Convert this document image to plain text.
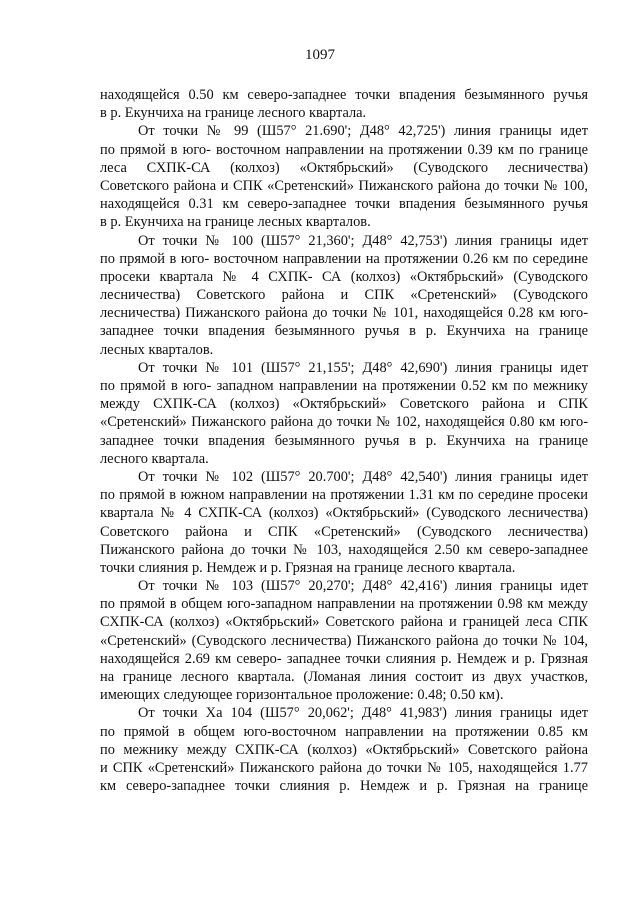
1097
находящейся 0.50 км северо-западнее точки впадения безымянного ручья
в р. Екунчиха на границе лесного квартала.
От точки № 99 (Ш57° 21.690'; Д48° 42,725') линия границы идет
по прямой в юго- восточном направлении на протяжении 0.39 км по границе
леса СХПК-СА (колхоз) «Октябрьский» (Суводского лесничества)
Советского района и СПК «Сретенский» Пижанского района до точки № 100,
находящейся 0.31 км северо-западнее точки впадения безымянного ручья
в р. Екунчиха на границе лесных кварталов.
От точки № 100 (Ш57° 21,360'; Д48° 42,753') линия границы идет
по прямой в юго- восточном направлении на протяжении 0.26 км по середине
просеки квартала № 4 СХПК- СА (колхоз) «Октябрьский» (Суводского
лесничества) Советского района и СПК «Сретенский» (Суводского
лесничества) Пижанского района до точки № 101, находящейся 0.28 км юго-
западнее точки впадения безымянного ручья в р. Екунчиха на границе
лесных кварталов.
От точки № 101 (Ш57° 21,155'; Д48° 42,690') линия границы идет
по прямой в юго- западном направлении на протяжении 0.52 км по межнику
между СХПК-СА (колхоз) «Октябрьский» Советского района и СПК
«Сретенский» Пижанского района до точки № 102, находящейся 0.80 км юго-
западнее точки впадения безымянного ручья в р. Екунчиха на границе
лесного квартала.
От точки № 102 (Ш57° 20.700'; Д48° 42,540') линия границы идет
по прямой в южном направлении на протяжении 1.31 км по середине просеки
квартала № 4 СХПК-СА (колхоз) «Октябрьский» (Суводского лесничества)
Советского района и СПК «Сретенский» (Суводского лесничества)
Пижанского района до точки № 103, находящейся 2.50 км северо-западнее
точки слияния р. Немдеж и р. Грязная на границе лесного квартала.
От точки № 103 (Ш57° 20,270'; Д48° 42,416') линия границы идет
по прямой в общем юго-западном направлении на протяжении 0.98 км между
СХПК-СА (колхоз) «Октябрьский» Советского района и границей леса СПК
«Сретенский» (Суводского лесничества) Пижанского района до точки № 104,
находящейся 2.69 км северо- западнее точки слияния р. Немдеж и р. Грязная
на границе лесного квартала. (Ломаная линия состоит из двух участков,
имеющих следующее горизонтальное проложение: 0.48; 0.50 км).
От точки Ха 104 (Ш57° 20,062'; Д48° 41,983') линия границы идет
по прямой в общем юго-восточном направлении на протяжении 0.85 км
по межнику между СХПК-СА (колхоз) «Октябрьский» Советского района
и СПК «Сретенский» Пижанского района до точки № 105, находящейся 1.77
км северо-западнее точки слияния р. Немдеж и р. Грязная на границе
